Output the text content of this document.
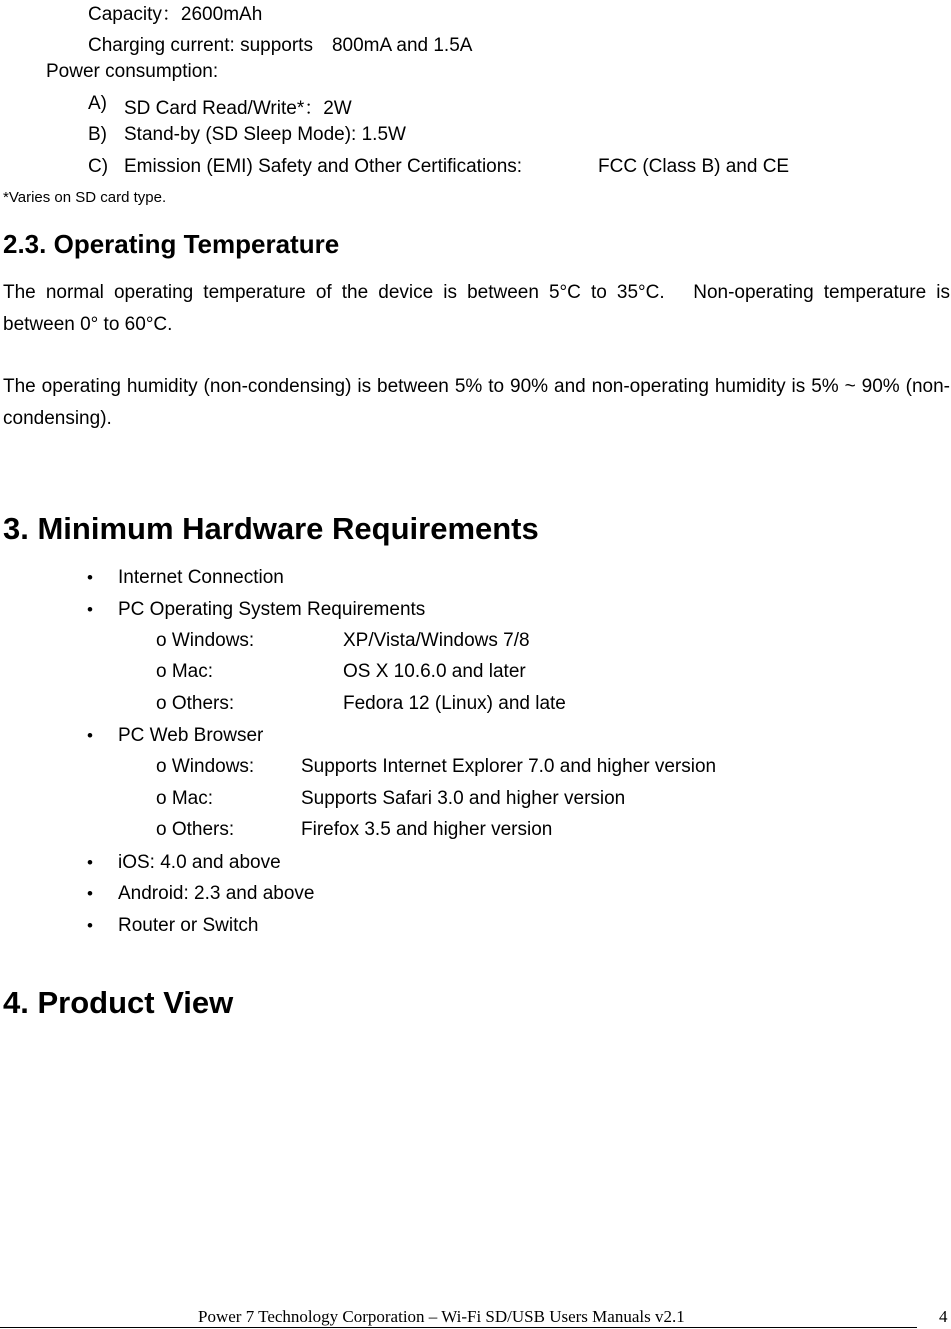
Capacity：2600mAh
Charging current: supports　800mA and 1.5A
Power consumption:
A) SD Card Read/Write*：2W
B) Stand-by (SD Sleep Mode): 1.5W
C) Emission (EMI) Safety and Other Certifications:	FCC (Class B) and CE
*Varies on SD card type.
2.3. Operating Temperature
The normal operating temperature of the device is between 5°C to 35°C.　Non-operating temperature is between 0° to 60°C.
The operating humidity (non-condensing) is between 5% to 90% and non-operating humidity is 5% ~ 90% (non-condensing).
3. Minimum Hardware Requirements
• Internet Connection
• PC Operating System Requirements
o Windows:	XP/Vista/Windows 7/8
o Mac:	OS X 10.6.0 and later
o Others:	Fedora 12 (Linux) and late
• PC Web Browser
o Windows: Supports Internet Explorer 7.0 and higher version
o Mac:	Supports Safari 3.0 and higher version
o Others:	Firefox 3.5 and higher version
• iOS: 4.0 and above
• Android: 2.3 and above
• Router or Switch
4. Product View
Power 7 Technology Corporation – Wi-Fi SD/USB Users Manuals v2.1	4
